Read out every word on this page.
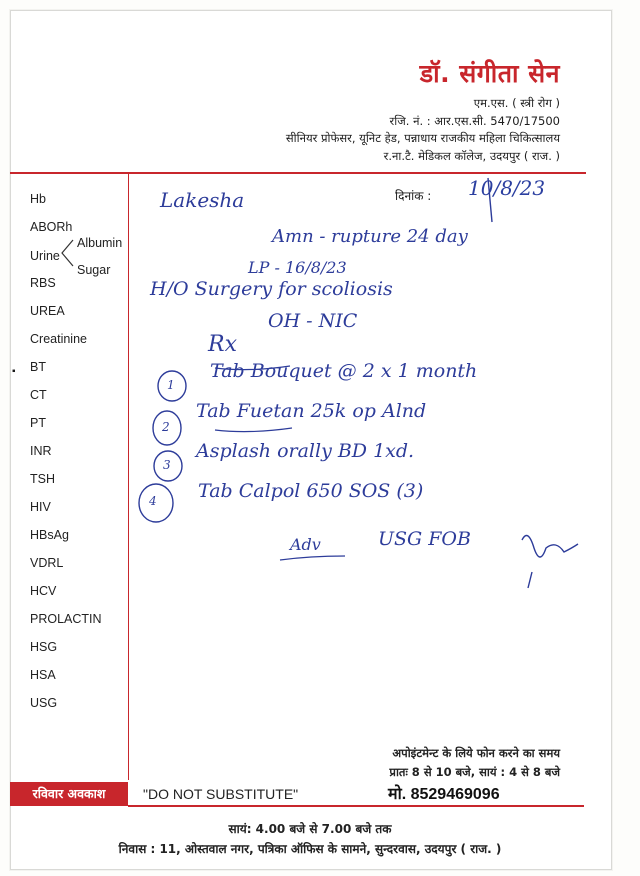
डॉ. संगीता सेन
एम.एस. ( स्त्री रोग )
रजि. नं. : आर.एस.सी. 5470/17500
सीनियर प्रोफेसर, यूनिट हेड, पन्नाधाय राजकीय महिला चिकित्सालय
र.ना.टै. मेडिकल कॉलेज, उदयपुर ( राज. )
Hb
ABORh
Urine
Albumin
Sugar
RBS
UREA
Creatinine
BT
CT
PT
INR
TSH
HIV
HBsAg
VDRL
HCV
PROLACTIN
HSG
HSA
USG
▪
दिनांक : 10/8/23
Lakesha
Amn - rupture 24 day
LP - 16/8/23
H/O Surgery for scoliosis
OH - NIC
Rx
1
Tab Bouquet @ 2 x 1 month
2
Tab Fuetan 25k op Alnd
3
Asplash orally BD 1xd.
4 Tab Calpol 650 SOS (3)
Adv	USG FOB
अपोइंटमेन्ट के लिये फोन करने का समय
प्रातः 8 से 10 बजे, सायं : 4 से 8 बजे
मो. 8529469096
रविवार अवकाश	"DO NOT SUBSTITUTE"
सायं: 4.00 बजे से 7.00 बजे तक
निवास : 11, ओस्तवाल नगर, पत्रिका ऑफिस के सामने, सुन्दरवास, उदयपुर ( राज. )
